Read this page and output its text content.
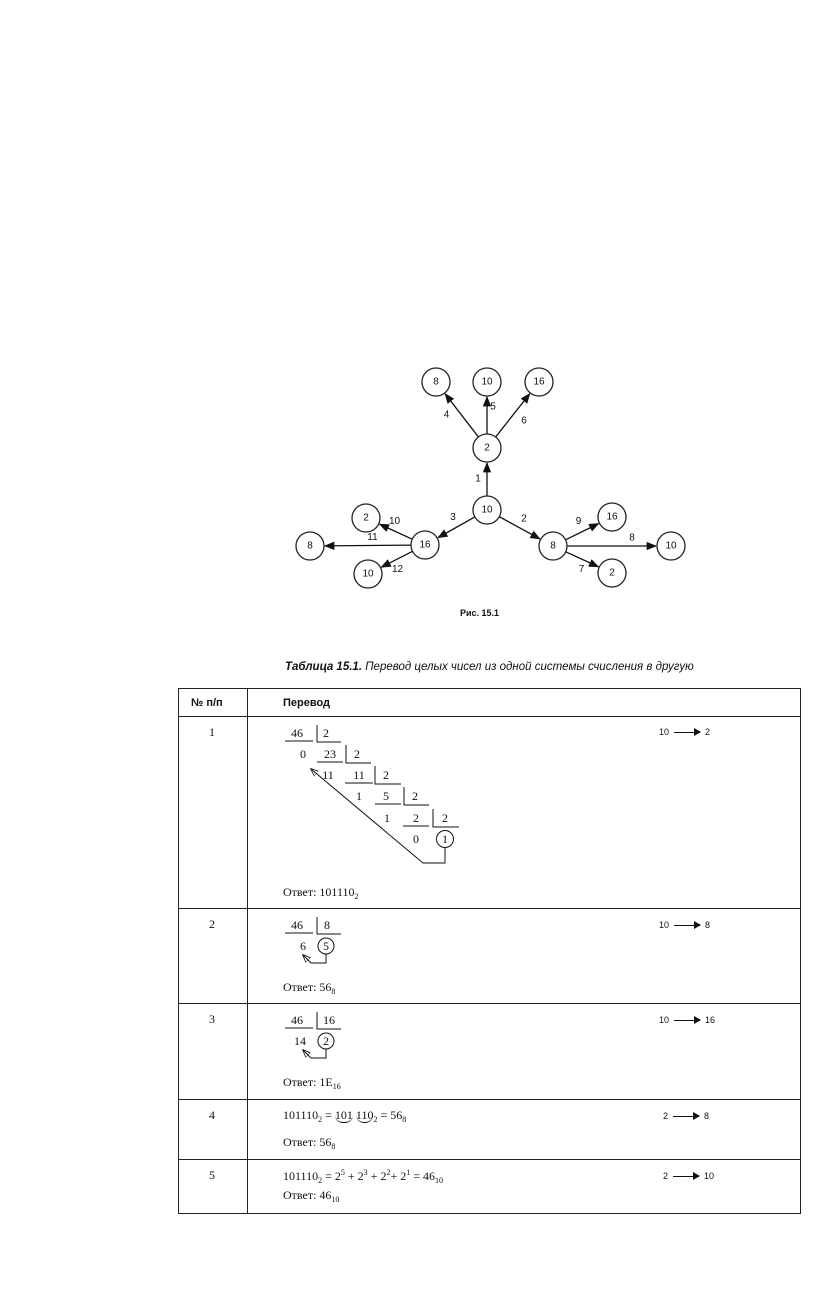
1
2
3
4
5
6
7
8
9
10
11
12
8	10	16
2
10
16
2
8
10
8
16
10
2
Рис. 15.1
Таблица 15.1. Перевод целых чисел из одной системы счисления в другую
№ п/п	Перевод
1	10	2
46 2
0 23 2
11 11 2
1 5 2
1 2 2
0 1
Ответ: $101110_2$
2	10	8
46 8
6 5
Ответ: $56_8$
3	10	16
46 16
14 2
Ответ: $1E_{16}$
4	2	8
$101110_2 = 101$ $110_2 = 56_8$
Ответ: $56_8$
5	2	10
$101110_2 = 2^5 + 2^3 + 2^2+ 2^1 = 46_{10}$
Ответ: $46_{10}$
